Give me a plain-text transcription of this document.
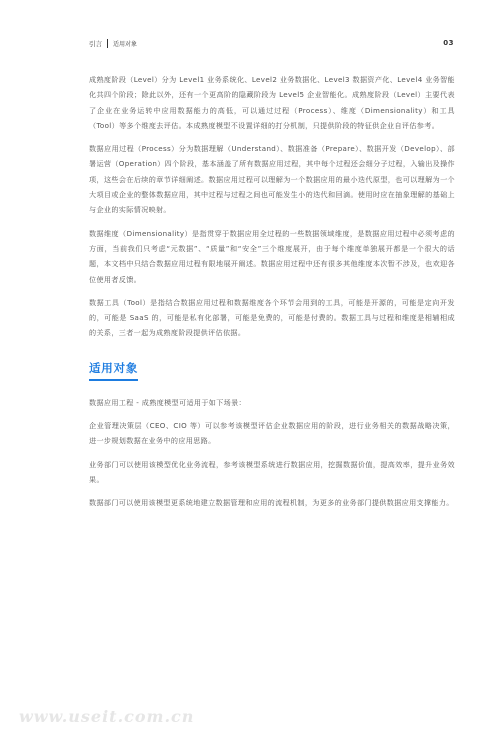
引言 适用对象	03

成熟度阶段（Level）分为 Level1 业务系统化、Level2 业务数据化、Level3 数据资产化、Level4 业务智能化共四个阶段；除此以外，还有一个更高阶的隐藏阶段为 Level5 企业智能化。成熟度阶段（Level）主要代表了企业在业务运转中应用数据能力的高低，可以通过过程（Process）、维度（Dimensionality）和工具（Tool）等多个维度去评估。本成熟度模型不设置详细的打分机制，只提供阶段的特征供企业自评估参考。

数据应用过程（Process）分为数据理解（Understand）、数据准备（Prepare）、数据开发（Develop）、部署运营（Operation）四个阶段，基本涵盖了所有数据应用过程，其中每个过程还会细分子过程，入输出及操作项，这些会在后续的章节详细阐述。数据应用过程可以理解为一个数据应用的最小迭代原型，也可以理解为一个大项目或企业的整体数据应用，其中过程与过程之间也可能发生小的迭代和回滴。使用时应在抽象理解的基础上与企业的实际情况映射。

数据维度（Dimensionality）是指贯穿于数据应用全过程的一些数据领域维度，是数据应用过程中必须考虑的方面，当前我们只考虑“元数据”、“质量”和“安全”三个维度展开，由于每个维度单独展开都是一个很大的话题，本文档中只结合数据应用过程有限地展开阐述。数据应用过程中还有很多其他维度本次暂不涉及，也欢迎各位使用者反馈。

数据工具（Tool）是指结合数据应用过程和数据维度各个环节会用到的工具，可能是开源的，可能是定向开发的，可能是 SaaS 的，可能是私有化部署，可能是免费的，可能是付费的。数据工具与过程和维度是相辅相成的关系，三者一起为成熟度阶段提供评估依据。

适用对象

数据应用工程 - 成熟度模型可适用于如下场景：

企业管理决策层（CEO、CIO 等）可以参考该模型评估企业数据应用的阶段，进行业务相关的数据战略决策，进一步规划数据在业务中的应用思路。

业务部门可以使用该模型优化业务流程，参考该模型系统进行数据应用，挖掘数据价值，提高效率，提升业务效果。

数据部门可以使用该模型更系统地建立数据管理和应用的流程机制，为更多的业务部门提供数据应用支撑能力。

www.useit.com.cn
